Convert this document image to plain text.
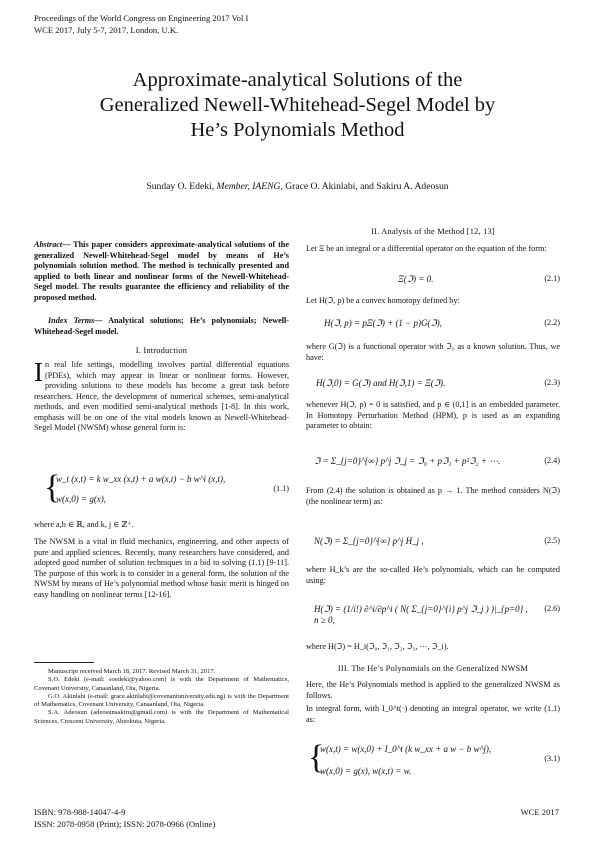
Proceedings of the World Congress on Engineering 2017 Vol I
WCE 2017, July 5-7, 2017, London, U.K.
Approximate-analytical Solutions of the
Generalized Newell-Whitehead-Segel Model by
He’s Polynomials Method
Sunday O. Edeki, Member, IAENG, Grace O. Akinlabi, and Sakiru A. Adeosun
Abstract— This paper considers approximate-analytical solutions of the generalized Newell-Whitehead-Segel model by means of He’s polynomials solution method. The method is technically presented and applied to both linear and nonlinear forms of the Newell-Whitehead-Segel model. The results guarantee the efficiency and reliability of the proposed method.
Index Terms— Analytical solutions; He’s polynomials; Newell-Whitehead-Segel model.
I. Introduction
In real life settings, modelling involves partial differential equations (PDEs), which may appear in linear or nonlinear forms. However, providing solutions to these models has become a great task before researchers. Hence, the development of numerical schemes, semi-analytical methods, and even modified semi-analytical methods [1-8]. In this work, emphasis will be on one of the vital models known as Newell-Whitehead-Segel Model (NWSM) whose general form is:
{
w_t (x,t) = k w_xx (x,t) + a w(x,t) − b w^i (x,t),
w(x,0) = g(x),
(1.1)
where a,b ∈ ℝ, and k, j ∈ ℤ⁺.
The NWSM is a vital in fluid mechanics, engineering, and other aspects of pure and applied sciences. Recently, many researchers have considered, and adopted good number of solution techniques in a bid to solving (1.1) [9-11]. The purpose of this work is to consider in a general form, the solution of the NWSM by means of He’s polynomial method whose basic merit is hinged on easy handling on nonlinear terms [12-16].
Manuscript received March 18, 2017. Revised March 31, 2017.
S.O. Edeki (e-mail: soedeki@yahoo.com) is with the Department of Mathematics, Covenant University, Canaanland, Ota, Nigeria.
G.O. Akinlabi (e-mail: grace.akinlabi@covenantuniversity.edu.ng) is with the Department of Mathematics, Covenant University, Canaanland, Ota, Nigeria.
S.A. Adeosun (adeosunsakiru@gmail.com) is with the Department of Mathematical Sciences, Crescent University, Abeokuta, Nigeria.
II. Analysis of the Method [12, 13]
Let Ξ be an integral or a differential operator on the equation of the form:
Ξ(ℑ) = 0.	(2.1)
Let H(ℑ, p) be a convex homotopy defined by:
H(ℑ, p) = pΞ(ℑ) + (1 − p)G(ℑ),	(2.2)
where G(ℑ) is a functional operator with ℑ₀ as a known solution. Thus, we have:
H(ℑ,0) = G(ℑ) and H(ℑ,1) = Ξ(ℑ).	(2.3)
whenever H(ℑ, p) = 0 is satisfied, and p ∈ (0,1] is an embedded parameter. In Homotopy Perturbation Method (HPM), p is used as an expanding parameter to obtain:
ℑ = Σ_{j=0}^{∞} p^j ℑ_j = ℑ₀ + pℑ₁ + p²ℑ₂ + ⋯.	(2.4)
From (2.4) the solution is obtained as p → 1. The method considers N(ℑ) (the nonlinear term) as:
N(ℑ) = Σ_{j=0}^{∞} p^j H_j ,	(2.5)
where H_k’s are the so-called He’s polynomials, which can be computed using:
H(ℑ) = (1/i!) ∂^i/∂p^i ( N( Σ_{j=0}^{i} p^j ℑ_j ) )|_{p=0} , n ≥ 0,
(2.6)
where H(ℑ) = H_i(ℑ₀, ℑ₁, ℑ₂, ℑ₃, ⋯, ℑ_i).
III. The He’s Polynomials on the Generalized NWSM
Here, the He’s Polynomials method is applied to the generalized NWSM as follows.
In integral form, with I_0^t(·) denoting an integral operator, we write (1.1) as:
{
w(x,t) = w(x,0) + I_0^t (k w_xx + a w − b w^j),
w(x,0) = g(x), w(x,t) = w.
(3.1)
ISBN: 978-988-14047-4-9
ISSN: 2078-0958 (Print); ISSN: 2078-0966 (Online)
WCE 2017
